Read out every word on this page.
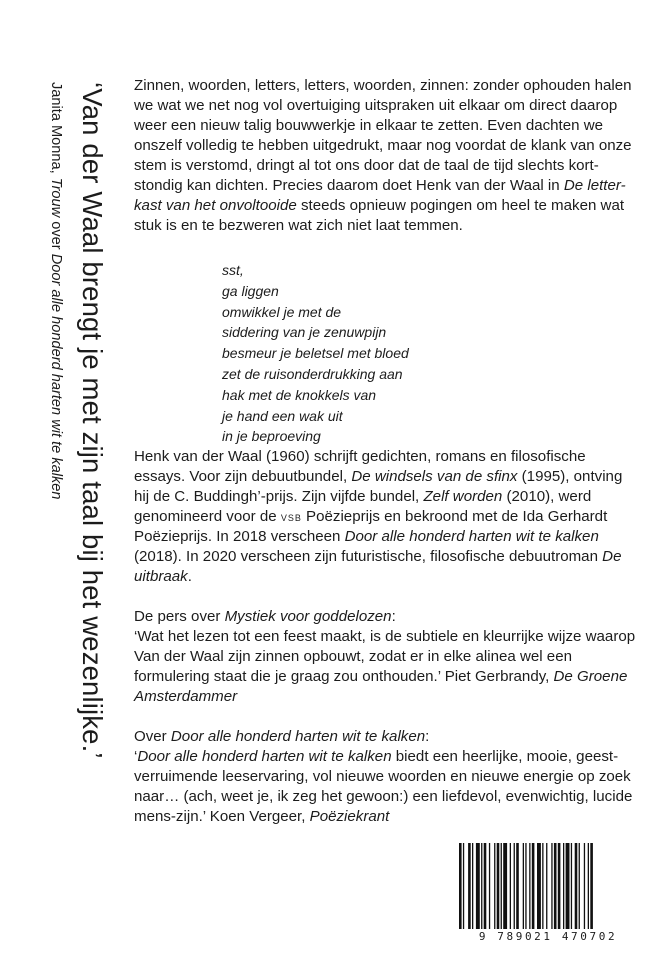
‘Van der Waal brengt je met zijn taal bij het wezenlijke.’
Janita Monna, Trouw over Door alle honderd harten wit te kalken

Zinnen, woorden, letters, letters, woorden, zinnen: zonder ophouden halen we wat we net nog vol overtuiging uitspraken uit elkaar om direct daarop weer een nieuw talig bouwwerkje in elkaar te zetten. Even dachten we onszelf volledig te hebben uitgedrukt, maar nog voordat de klank van onze stem is verstomd, dringt al tot ons door dat de taal de tijd slechts kort-stondig kan dichten. Precies daarom doet Henk van der Waal in De letter-kast van het onvoltooide steeds opnieuw pogingen om heel te maken wat stuk is en te bezweren wat zich niet laat temmen.

sst,
ga liggen
omwikkel je met de
siddering van je zenuwpijn
besmeur je beletsel met bloed
zet de ruisonderdrukking aan
hak met de knokkels van
je hand een wak uit
in je beproeving

Henk van der Waal (1960) schrijft gedichten, romans en filosofische essays. Voor zijn debuutbundel, De windsels van de sfinx (1995), ontving hij de C. Buddingh’-prijs. Zijn vijfde bundel, Zelf worden (2010), werd genomineerd voor de vsb Poëzieprijs en bekroond met de Ida Gerhardt Poëzieprijs. In 2018 verscheen Door alle honderd harten wit te kalken (2018). In 2020 verscheen zijn futuristische, filosofische debuutroman De uitbraak.

De pers over Mystiek voor goddelozen:

‘Wat het lezen tot een feest maakt, is de subtiele en kleurrijke wijze waarop Van der Waal zijn zinnen opbouwt, zodat er in elke alinea wel een formulering staat die je graag zou onthouden.’ Piet Gerbrandy, De Groene Amsterdammer

Over Door alle honderd harten wit te kalken:

‘Door alle honderd harten wit te kalken biedt een heerlijke, mooie, geest-verruimende leeservaring, vol nieuwe woorden en nieuwe energie op zoek naar… (ach, weet je, ik zeg het gewoon:) een liefdevol, evenwichtig, lucide mens-zijn.’ Koen Vergeer, Poëziekrant

9 789021 470702
